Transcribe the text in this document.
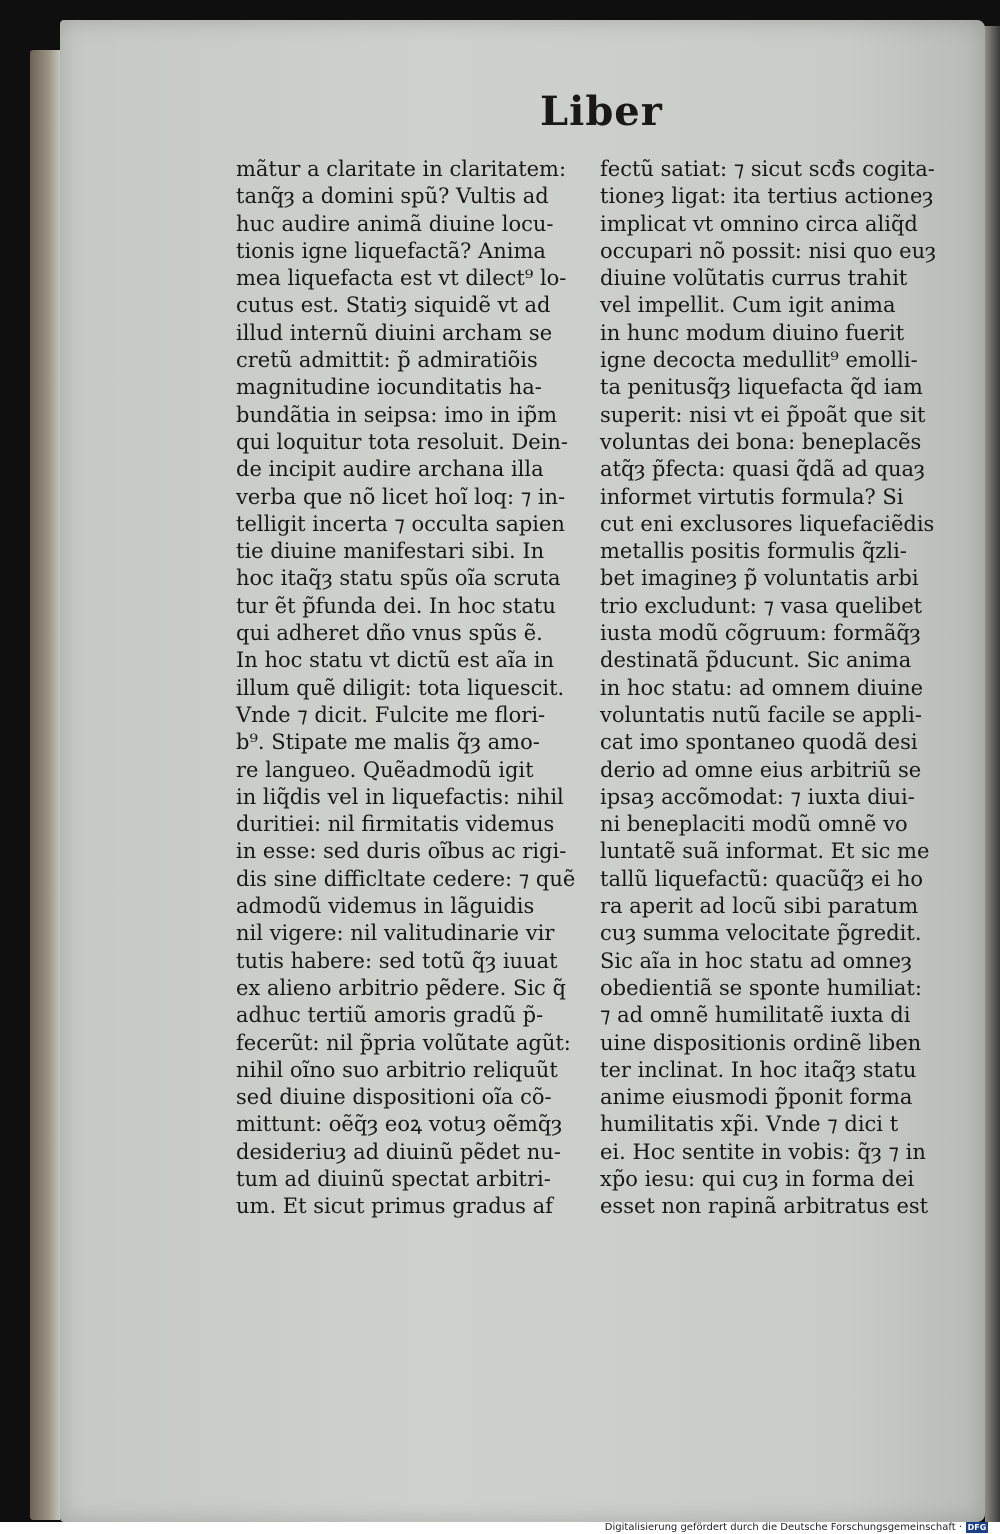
Liber
mãtur a claritate in claritatem:
tanq̃ȝ a domini spũ? Vultis ad
huc audire animã diuine locu-
tionis igne liquefactã? Anima
mea liquefacta est vt dilect⁹ lo-
cutus est. Statiȝ siquidẽ vt ad
illud internũ diuini archam se
cretũ admittit: p̃ admiratiõis
magnitudine iocunditatis ha-
bundãtia in seipsa: imo in ip̃m
qui loquitur tota resoluit. Dein-
de incipit audire archana illa
verba que nõ licet hoĩ loq: ⁊ in-
telligit incerta ⁊ occulta sapien
tie diuine manifestari sibi. In
hoc itaq̃ȝ statu spũs oĩa scruta
tur ẽt p̃funda dei. In hoc statu
qui adheret dño vnus spũs ẽ.
In hoc statu vt dictũ est aĩa in
illum quẽ diligit: tota liquescit.
Vnde ⁊ dicit. Fulcite me flori-
b⁹. Stipate me malis q̃ȝ amo-
re langueo. Quẽadmodũ igit
in liq̃dis vel in liquefactis: nihil
duritiei: nil firmitatis videmus
in esse: sed duris oĩbus ac rigi-
dis sine difficltate cedere: ⁊ quẽ
admodũ videmus in lãguidis
nil vigere: nil valitudinarie vir
tutis habere: sed totũ q̃ȝ iuuat
ex alieno arbitrio pẽdere. Sic q̃
adhuc tertiũ amoris gradũ p̃-
fecerũt: nil p̃pria volũtate agũt:
nihil oĩno suo arbitrio reliquũt
sed diuine dispositioni oĩa cõ-
mittunt: oẽq̃ȝ eoꝝ votuȝ oẽmq̃ȝ
desideriuȝ ad diuinũ pẽdet nu-
tum ad diuinũ spectat arbitri-
um. Et sicut primus gradus af
fectũ satiat: ⁊ sicut scđs cogita-
tioneȝ ligat: ita tertius actioneȝ
implicat vt omnino circa aliq̃d
occupari nõ possit: nisi quo euȝ
diuine volũtatis currus trahit
vel impellit. Cum igit anima
in hunc modum diuino fuerit
igne decocta medullit⁹ emolli-
ta penitusq̃ȝ liquefacta q̃d iam
superit: nisi vt ei p̃poãt que sit
voluntas dei bona: beneplacẽs
atq̃ȝ p̃fecta: quasi q̃dã ad quaȝ
informet virtutis formula? Si
cut eni exclusores liquefaciẽdis
metallis positis formulis q̃zli-
bet imagineȝ p̃ voluntatis arbi
trio excludunt: ⁊ vasa quelibet
iusta modũ cõgruum: formãq̃ȝ
destinatã p̃ducunt. Sic anima
in hoc statu: ad omnem diuine
voluntatis nutũ facile se appli-
cat imo spontaneo quodã desi
derio ad omne eius arbitriũ se
ipsaȝ accõmodat: ⁊ iuxta diui-
ni beneplaciti modũ omnẽ vo
luntatẽ suã informat. Et sic me
tallũ liquefactũ: quacũq̃ȝ ei ho
ra aperit ad locũ sibi paratum
cuȝ summa velocitate p̃gredit.
Sic aĩa in hoc statu ad omneȝ
obedientiã se sponte humiliat:
⁊ ad omnẽ humilitatẽ iuxta di
uine dispositionis ordinẽ liben
ter inclinat. In hoc itaq̃ȝ statu
anime eiusmodi p̃ponit forma
humilitatis xp̃i. Vnde ⁊ dici t
ei. Hoc sentite in vobis: q̃ȝ ⁊ in
xp̃o iesu: qui cuȝ in forma dei
esset non rapinã arbitratus est
Digitalisierung gefördert durch die Deutsche Forschungsgemeinschaft · DFG
